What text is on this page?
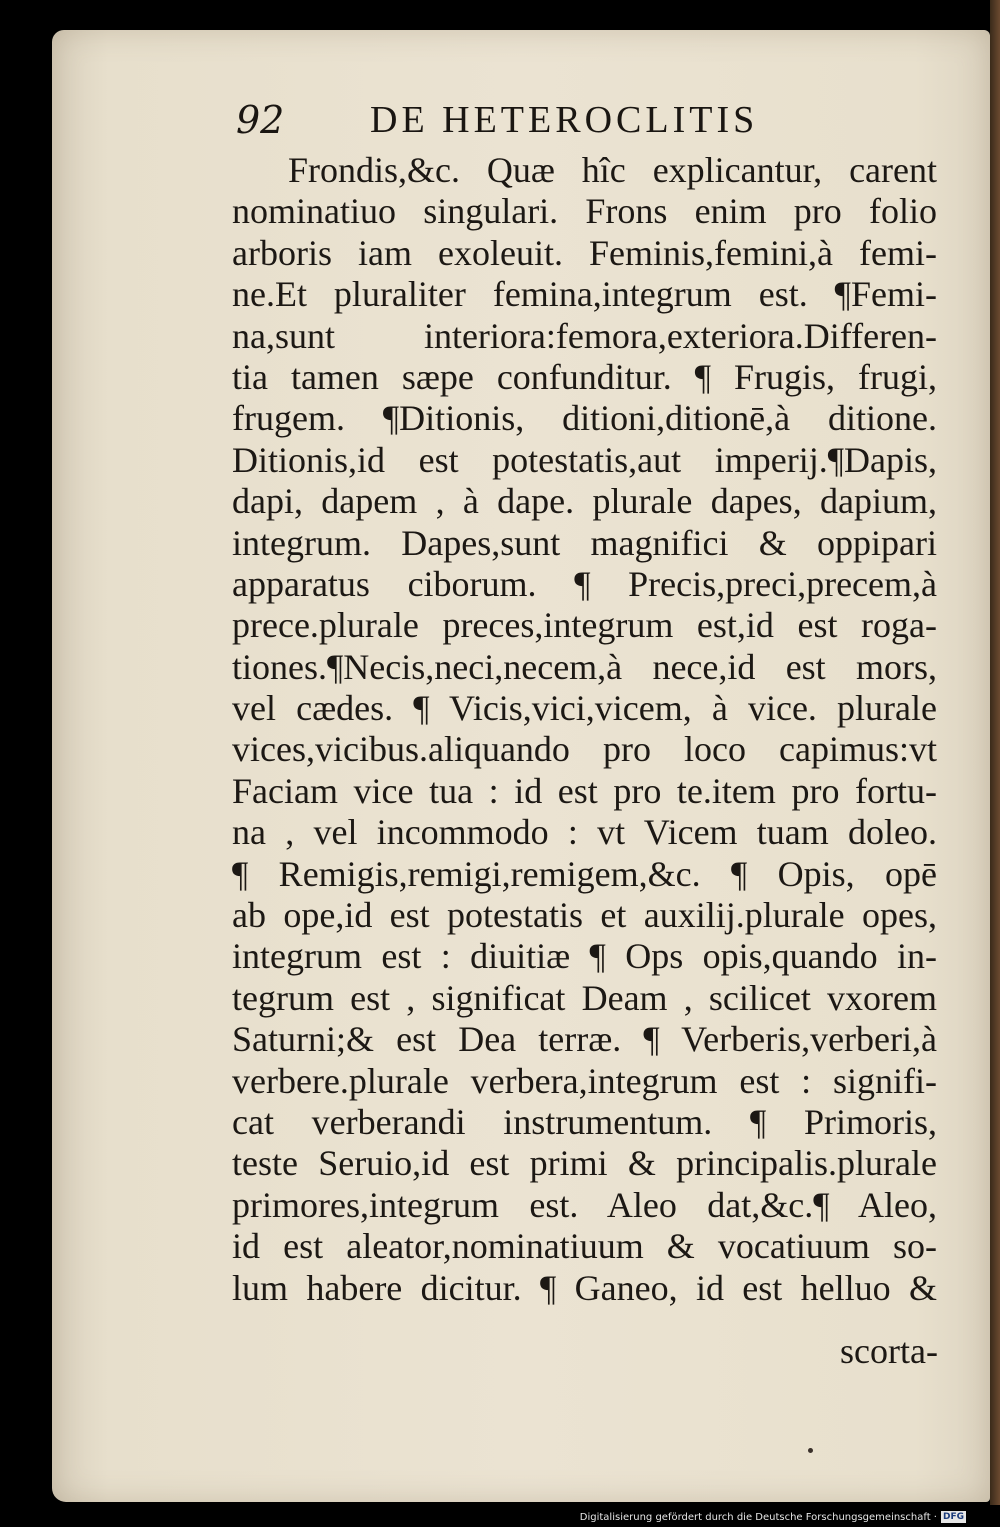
92 DE HETEROCLITIS
Frondis,&c. Quæ hîc explicantur, carent
nominatiuo singulari. Frons enim pro folio
arboris iam exoleuit. Feminis,femini,à femi-
ne.Et pluraliter femina,integrum est. ¶Femi-
na,sunt interiora:femora,exteriora.Differen-
tia tamen sæpe confunditur. ¶ Frugis, frugi,
frugem. ¶Ditionis, ditioni,ditionē,à ditione.
Ditionis,id est potestatis,aut imperij.¶Dapis,
dapi, dapem , à dape. plurale dapes, dapium,
integrum. Dapes,sunt magnifici & oppipari
apparatus ciborum. ¶ Precis,preci,precem,à
prece.plurale preces,integrum est,id est roga-
tiones.¶Necis,neci,necem,à nece,id est mors,
vel cædes. ¶ Vicis,vici,vicem, à vice. plurale
vices,vicibus.aliquando pro loco capimus:vt
Faciam vice tua : id est pro te.item pro fortu-
na , vel incommodo : vt Vicem tuam doleo.
¶ Remigis,remigi,remigem,&c. ¶ Opis, opē
ab ope,id est potestatis et auxilij.plurale opes,
integrum est : diuitiæ ¶ Ops opis,quando in-
tegrum est , significat Deam , scilicet vxorem
Saturni;& est Dea terræ. ¶ Verberis,verberi,à
verbere.plurale verbera,integrum est : signifi-
cat verberandi instrumentum. ¶ Primoris,
teste Seruio,id est primi & principalis.plurale
primores,integrum est. Aleo dat,&c.¶ Aleo,
id est aleator,nominatiuum & vocatiuum so-
lum habere dicitur. ¶ Ganeo, id est helluo &
scorta-
Digitalisierung gefördert durch die Deutsche Forschungsgemeinschaft · DFG
